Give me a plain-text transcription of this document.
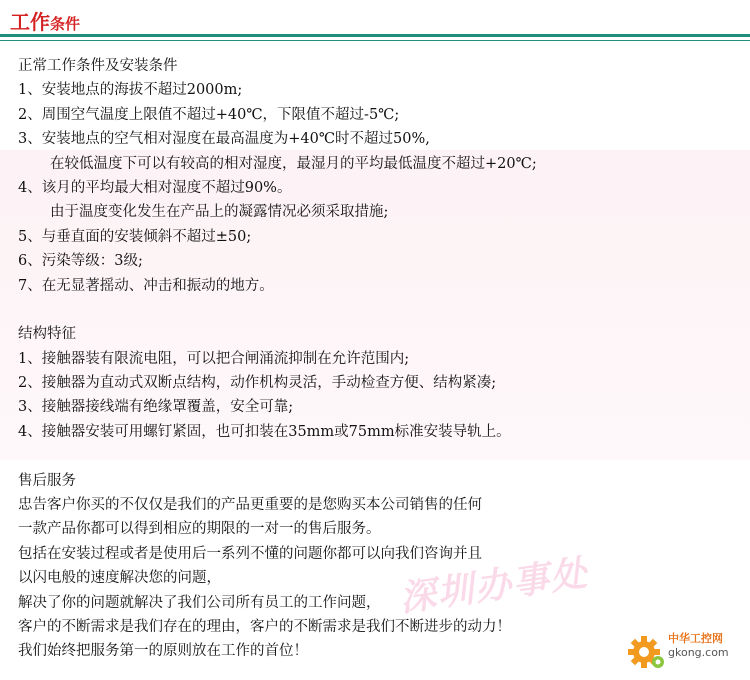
工作条件
正常工作条件及安装条件
1、安装地点的海拔不超过2000m;
2、周围空气温度上限值不超过+40℃，下限值不超过-5℃;
3、安装地点的空气相对湿度在最高温度为+40℃时不超过50%,
在较低温度下可以有较高的相对湿度，最湿月的平均最低温度不超过+20℃;
4、该月的平均最大相对湿度不超过90%。
由于温度变化发生在产品上的凝露情况必须采取措施;
5、与垂直面的安装倾斜不超过±50;
6、污染等级：3级;
7、在无显著摇动、冲击和振动的地方。
结构特征
1、接触器装有限流电阻，可以把合闸涌流抑制在允许范围内;
2、接触器为直动式双断点结构，动作机构灵活，手动检查方便、结构紧凑;
3、接触器接线端有绝缘罩覆盖，安全可靠;
4、接触器安装可用螺钉紧固，也可扣装在35mm或75mm标准安装导轨上。
售后服务
忠告客户你买的不仅仅是我们的产品更重要的是您购买本公司销售的任何
一款产品你都可以得到相应的期限的一对一的售后服务。
包括在安装过程或者是使用后一系列不懂的问题你都可以向我们咨询并且
以闪电般的速度解决您的问题，
解决了你的问题就解决了我们公司所有员工的工作问题，
客户的不断需求是我们存在的理由，客户的不断需求是我们不断进步的动力！
我们始终把服务第一的原则放在工作的首位！
深圳办事处
中华工控网
gkong.com
